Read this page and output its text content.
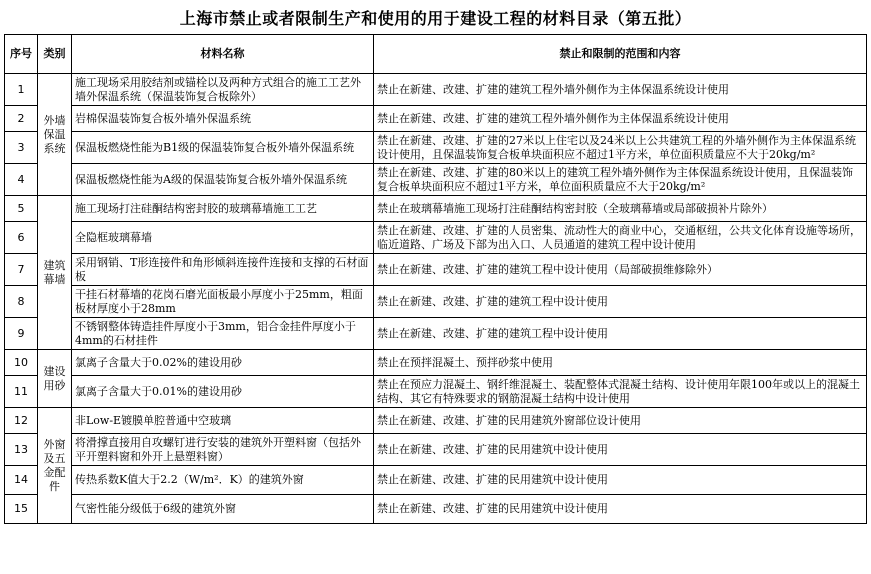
上海市禁止或者限制生产和使用的用于建设工程的材料目录（第五批）
序号	类别	材料名称	禁止和限制的范围和内容
1	外墙保温系统	施工现场采用胶结剂或锚栓以及两种方式组合的施工工艺外墙外保温系统（保温装饰复合板除外）	禁止在新建、改建、扩建的建筑工程外墙外侧作为主体保温系统设计使用
2		岩棉保温装饰复合板外墙外保温系统	禁止在新建、改建、扩建的建筑工程外墙外侧作为主体保温系统设计使用
3		保温板燃烧性能为B1级的保温装饰复合板外墙外保温系统	禁止在新建、改建、扩建的27米以上住宅以及24米以上公共建筑工程的外墙外侧作为主体保温系统设计使用，且保温装饰复合板单块面积应不超过1平方米，单位面积质量应不大于20kg/m²
4		保温板燃烧性能为A级的保温装饰复合板外墙外保温系统	禁止在新建、改建、扩建的80米以上的建筑工程外墙外侧作为主体保温系统设计使用，且保温装饰复合板单块面积应不超过1平方米，单位面积质量应不大于20kg/m²
5	建筑幕墙	施工现场打注硅酮结构密封胶的玻璃幕墙施工工艺	禁止在玻璃幕墙施工现场打注硅酮结构密封胶（全玻璃幕墙或局部破损补片除外）
6		全隐框玻璃幕墙	禁止在新建、改建、扩建的人员密集、流动性大的商业中心，交通枢纽，公共文化体育设施等场所，临近道路、广场及下部为出入口、人员通道的建筑工程中设计使用
7		采用钢销、T形连接件和角形倾斜连接件连接和支撑的石材面板	禁止在新建、改建、扩建的建筑工程中设计使用（局部破损维修除外）
8		干挂石材幕墙的花岗石磨光面板最小厚度小于25mm，粗面板材厚度小于28mm	禁止在新建、改建、扩建的建筑工程中设计使用
9		不锈钢整体铸造挂件厚度小于3mm，铝合金挂件厚度小于4mm的石材挂件	禁止在新建、改建、扩建的建筑工程中设计使用
10	建设用砂	氯离子含量大于0.02%的建设用砂	禁止在预拌混凝土、预拌砂浆中使用
11		氯离子含量大于0.01%的建设用砂	禁止在预应力混凝土、钢纤维混凝土、装配整体式混凝土结构、设计使用年限100年或以上的混凝土结构、其它有特殊要求的钢筋混凝土结构中设计使用
12	外窗及五金配件	非Low-E镀膜单腔普通中空玻璃	禁止在新建、改建、扩建的民用建筑外窗部位设计使用
13		将滑撑直接用自攻螺钉进行安装的建筑外开塑料窗（包括外平开塑料窗和外开上悬塑料窗）	禁止在新建、改建、扩建的民用建筑中设计使用
14		传热系数K值大于2.2（W/m²．K）的建筑外窗	禁止在新建、改建、扩建的民用建筑中设计使用
15		气密性能分级低于6级的建筑外窗	禁止在新建、改建、扩建的民用建筑中设计使用
